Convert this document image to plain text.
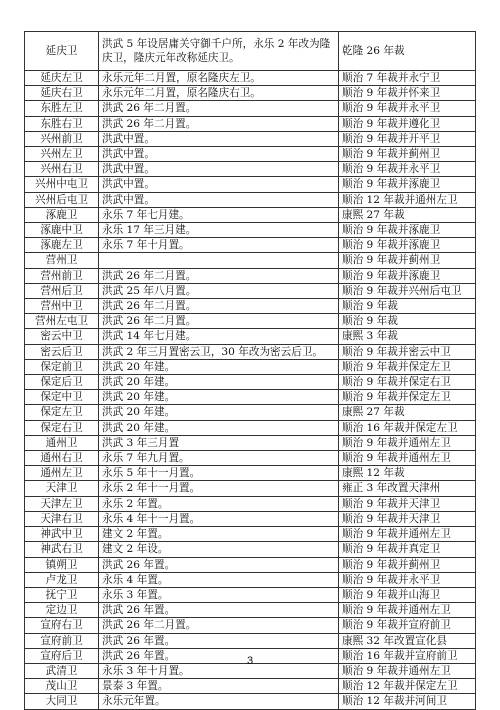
延庆卫	洪武 5 年设居庸关守御千户所，永乐 2 年改为隆庆卫，隆庆元年改称延庆卫。	乾隆 26 年裁
延庆左卫	永乐元年二月置，原名隆庆左卫。	顺治 7 年裁并永宁卫
延庆右卫	永乐元年二月置，原名隆庆右卫。	顺治 9 年裁并怀来卫
东胜左卫	洪武 26 年二月置。	顺治 9 年裁并永平卫
东胜右卫	洪武 26 年二月置。	顺治 9 年裁并遵化卫
兴州前卫	洪武中置。	顺治 9 年裁并开平卫
兴州左卫	洪武中置。	顺治 9 年裁并蓟州卫
兴州右卫	洪武中置。	顺治 9 年裁并永平卫
兴州中屯卫	洪武中置。	顺治 9 年裁并涿鹿卫
兴州后屯卫	洪武中置。	顺治 12 年裁并通州左卫
涿鹿卫	永乐 7 年七月建。	康熙 27 年裁
涿鹿中卫	永乐 17 年三月建。	顺治 9 年裁并涿鹿卫
涿鹿左卫	永乐 7 年十月置。	顺治 9 年裁并涿鹿卫
营州卫		顺治 9 年裁并蓟州卫
营州前卫	洪武 26 年二月置。	顺治 9 年裁并涿鹿卫
营州后卫	洪武 25 年八月置。	顺治 9 年裁并兴州后屯卫
营州中卫	洪武 26 年二月置。	顺治 9 年裁
营州左屯卫	洪武 26 年二月置。	顺治 9 年裁
密云中卫	洪武 14 年七月建。	康熙 3 年裁
密云后卫	洪武 2 年三月置密云卫，30 年改为密云后卫。	顺治 9 年裁并密云中卫
保定前卫	洪武 20 年建。	顺治 9 年裁并保定左卫
保定后卫	洪武 20 年建。	顺治 9 年裁并保定右卫
保定中卫	洪武 20 年建。	顺治 9 年裁并保定左卫
保定左卫	洪武 20 年建。	康熙 27 年裁
保定右卫	洪武 20 年建。	顺治 16 年裁并保定左卫
通州卫	洪武 3 年三月置	顺治 9 年裁并通州左卫
通州右卫	永乐 7 年九月置。	顺治 9 年裁并通州左卫
通州左卫	永乐 5 年十一月置。	康熙 12 年裁
天津卫	永乐 2 年十一月置。	雍正 3 年改置天津州
天津左卫	永乐 2 年置。	顺治 9 年裁并天津卫
天津右卫	永乐 4 年十一月置。	顺治 9 年裁并天津卫
神武中卫	建文 2 年置。	顺治 9 年裁并通州左卫
神武右卫	建文 2 年设。	顺治 9 年裁并真定卫
镇朔卫	洪武 26 年置。	顺治 9 年裁并蓟州卫
卢龙卫	永乐 4 年置。	顺治 9 年裁并永平卫
抚宁卫	永乐 3 年置。	顺治 9 年裁并山海卫
定边卫	洪武 26 年置。	顺治 9 年裁并通州左卫
宣府右卫	洪武 26 年二月置。	顺治 9 年裁并宣府前卫
宣府前卫	洪武 26 年置。	康熙 32 年改置宣化县
宣府后卫	洪武 26 年置。	顺治 16 年裁并宣府前卫
武清卫	永乐 3 年十月置。	顺治 9 年裁并通州左卫
茂山卫	景泰 3 年置。	顺治 12 年裁并保定左卫
大同卫	永乐元年置。	顺治 12 年裁并河间卫
3
